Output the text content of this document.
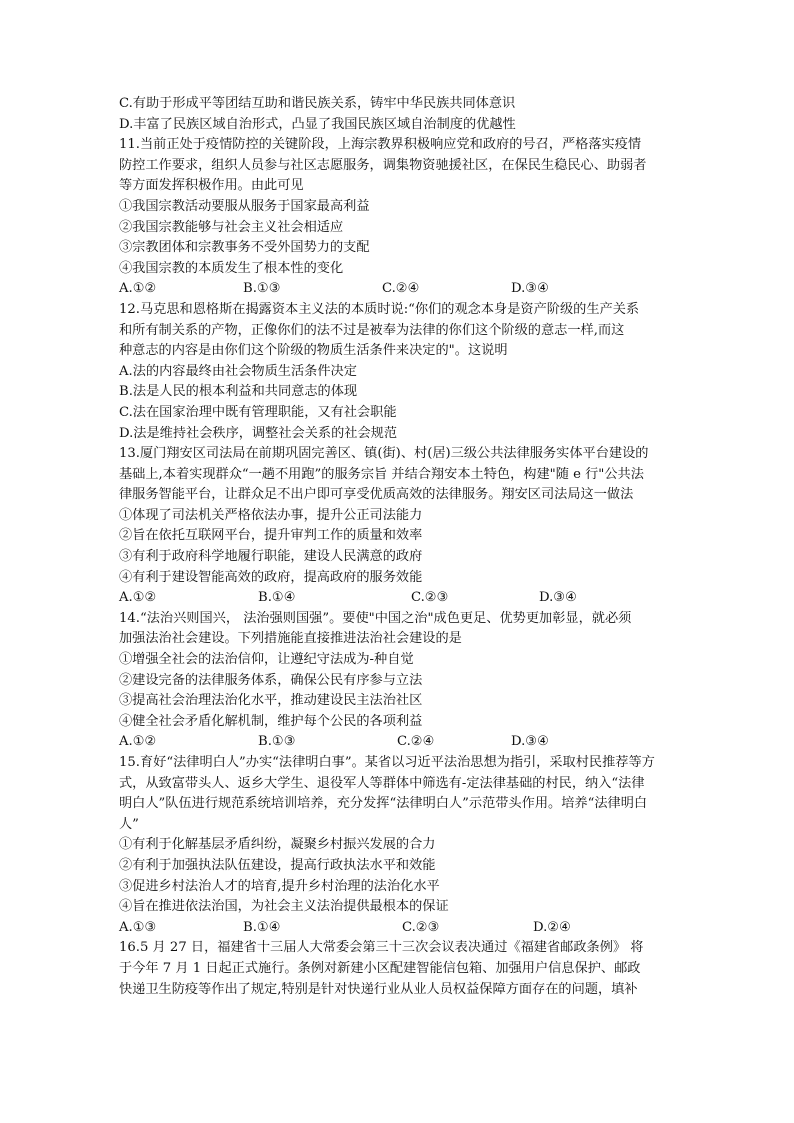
C.有助于形成平等团结互助和谐民族关系，铸牢中华民族共同体意识
D.丰富了民族区域自治形式，凸显了我国民族区域自治制度的优越性
11.当前正处于疫情防控的关键阶段，上海宗教界积极响应党和政府的号召，严格落实疫情
防控工作要求，组织人员参与社区志愿服务，调集物资驰援社区，在保民生稳民心、助弱者
等方面发挥积极作用。由此可见
①我国宗教活动要服从服务于国家最高利益
②我国宗教能够与社会主义社会相适应
③宗教团体和宗教事务不受外国势力的支配
④我国宗教的本质发生了根本性的变化
A.①②	B.①③	C.②④	D.③④
12.马克思和恩格斯在揭露资本主义法的本质时说:“你们的观念本身是资产阶级的生产关系
和所有制关系的产物，正像你们的法不过是被奉为法律的你们这个阶级的意志一样,而这
种意志的内容是由你们这个阶级的物质生活条件来决定的"。这说明
A.法的内容最终由社会物质生活条件决定
B.法是人民的根本利益和共同意志的体现
C.法在国家治理中既有管理职能，又有社会职能
D.法是维持社会秩序，调整社会关系的社会规范
13.厦门翔安区司法局在前期巩固完善区、镇(街)、村(居)三级公共法律服务实体平台建设的
基础上,本着实现群众“一趟不用跑”的服务宗旨 并结合翔安本土特色，构建"随 e 行"公共法
律服务智能平台，让群众足不出户即可享受优质高效的法律服务。翔安区司法局这一做法
①体现了司法机关严格依法办事，提升公正司法能力
②旨在依托互联网平台，提升审判工作的质量和效率
③有利于政府科学地履行职能，建设人民满意的政府
④有利于建设智能高效的政府，提高政府的服务效能
A.①②	B.①④	C.②③	D.③④
14.“法治兴则国兴， 法治强则国强”。要使"中国之治"成色更足、优势更加彰显，就必须
加强法治社会建设。下列措施能直接推进法治社会建设的是
①增强全社会的法治信仰，让遵纪守法成为-种自觉
②建设完备的法律服务体系，确保公民有序参与立法
③提高社会治理法治化水平，推动建设民主法治社区
④健全社会矛盾化解机制，维护每个公民的各项利益
A.①②	B.①③	C.②④	D.③④
15.育好“法律明白人”办实“法律明白事”。某省以习近平法治思想为指引，采取村民推荐等方
式，从致富带头人、返乡大学生、退役军人等群体中筛选有-定法律基础的村民，纳入“法律
明白人”队伍进行规范系统培训培养，充分发挥“法律明白人”示范带头作用。培养“法律明白
人”
①有利于化解基层矛盾纠纷，凝聚乡村振兴发展的合力
②有利于加强执法队伍建设，提高行政执法水平和效能
③促进乡村法治人才的培育,提升乡村治理的法治化水平
④旨在推进依法治国，为社会主义法治提供最根本的保证
A.①③	B.①④	C.②③	D.②④
16.5 月 27 日，福建省十三届人大常委会第三十三次会议表决通过《福建省邮政条例》 将
于今年 7 月 1 日起正式施行。条例对新建小区配建智能信包箱、加强用户信息保护、邮政
快递卫生防疫等作出了规定,特别是针对快递行业从业人员权益保障方面存在的问题，填补
